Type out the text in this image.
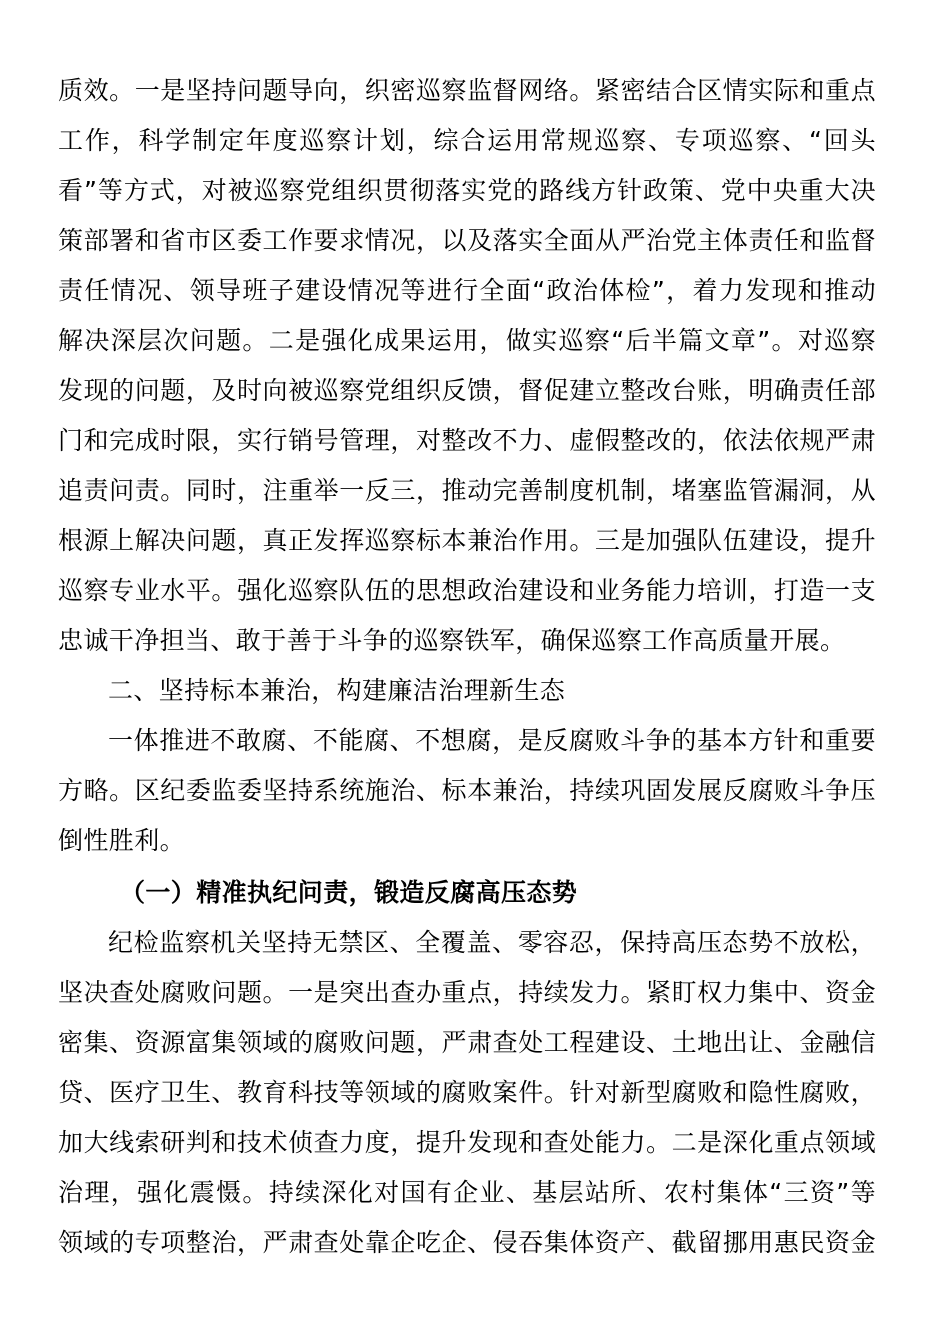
质效。一是坚持问题导向，织密巡察监督网络。紧密结合区情实际和重点
工作，科学制定年度巡察计划，综合运用常规巡察、专项巡察、“回头
看”等方式，对被巡察党组织贯彻落实党的路线方针政策、党中央重大决
策部署和省市区委工作要求情况，以及落实全面从严治党主体责任和监督
责任情况、领导班子建设情况等进行全面“政治体检”，着力发现和推动
解决深层次问题。二是强化成果运用，做实巡察“后半篇文章”。对巡察
发现的问题，及时向被巡察党组织反馈，督促建立整改台账，明确责任部
门和完成时限，实行销号管理，对整改不力、虚假整改的，依法依规严肃
追责问责。同时，注重举一反三，推动完善制度机制，堵塞监管漏洞，从
根源上解决问题，真正发挥巡察标本兼治作用。三是加强队伍建设，提升
巡察专业水平。强化巡察队伍的思想政治建设和业务能力培训，打造一支
忠诚干净担当、敢于善于斗争的巡察铁军，确保巡察工作高质量开展。
二、坚持标本兼治，构建廉洁治理新生态
一体推进不敢腐、不能腐、不想腐，是反腐败斗争的基本方针和重要
方略。区纪委监委坚持系统施治、标本兼治，持续巩固发展反腐败斗争压
倒性胜利。
（一）精准执纪问责，锻造反腐高压态势
纪检监察机关坚持无禁区、全覆盖、零容忍，保持高压态势不放松，
坚决查处腐败问题。一是突出查办重点，持续发力。紧盯权力集中、资金
密集、资源富集领域的腐败问题，严肃查处工程建设、土地出让、金融信
贷、医疗卫生、教育科技等领域的腐败案件。针对新型腐败和隐性腐败，
加大线索研判和技术侦查力度，提升发现和查处能力。二是深化重点领域
治理，强化震慑。持续深化对国有企业、基层站所、农村集体“三资”等
领域的专项整治，严肃查处靠企吃企、侵吞集体资产、截留挪用惠民资金
